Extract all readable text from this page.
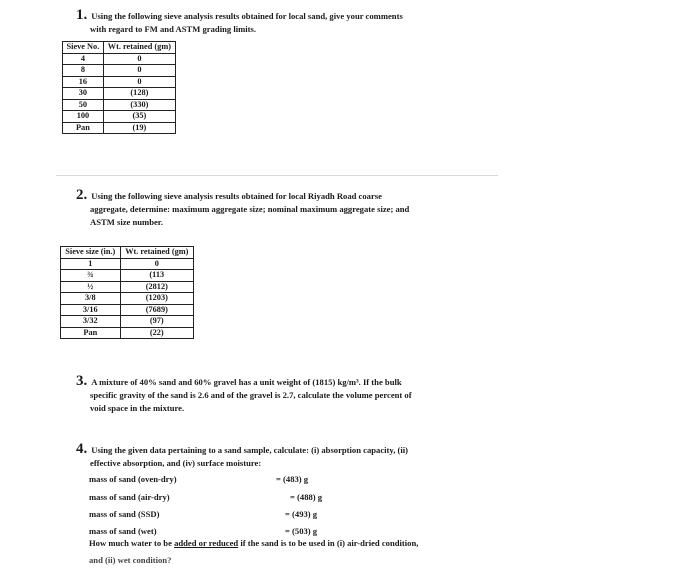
1. Using the following sieve analysis results obtained for local sand, give your comments
with regard to FM and ASTM grading limits.
Sieve No.	Wt. retained (gm)
4	0
8	0
16	0
30	(128)
50	(330)
100	(35)
Pan	(19)
2. Using the following sieve analysis results obtained for local Riyadh Road coarse
aggregate, determine: maximum aggregate size; nominal maximum aggregate size; and
ASTM size number.
Sieve size (in.)	Wt. retained (gm)
1	0
¾	(113
½	(2812)
3/8	(1203)
3/16	(7689)
3/32	(97)
Pan	(22)
3. A mixture of 40% sand and 60% gravel has a unit weight of (1815) kg/m³. If the bulk
specific gravity of the sand is 2.6 and of the gravel is 2.7, calculate the volume percent of
void space in the mixture.
4. Using the given data pertaining to a sand sample, calculate: (i) absorption capacity, (ii)
effective absorption, and (iv) surface moisture:
mass of sand (oven-dry)	= (483) g
mass of sand (air-dry)	= (488) g
mass of sand (SSD)	= (493) g
mass of sand (wet)	= (503) g
How much water to be added or reduced if the sand is to be used in (i) air-dried condition,
and (ii) wet condition?
